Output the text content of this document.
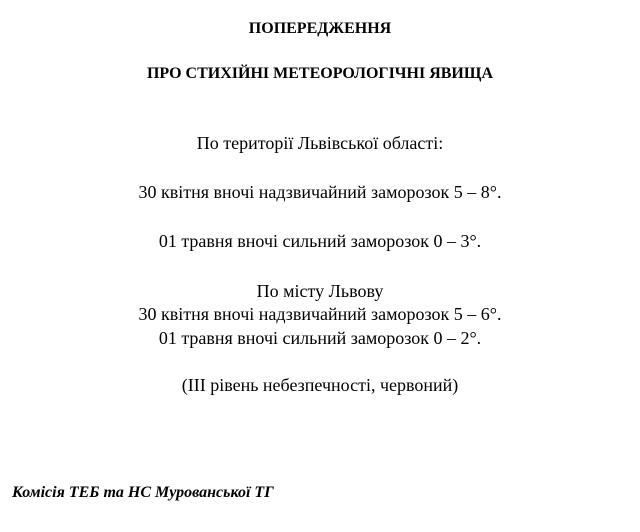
ПОПЕРЕДЖЕННЯ
ПРО СТИХІЙНІ МЕТЕОРОЛОГІЧНІ ЯВИЩА
По території Львівської області:
30 квітня вночі надзвичайний заморозок 5 – 8°.
01 травня вночі сильний заморозок 0 – 3°.
По місту Львову
30 квітня вночі надзвичайний заморозок 5 – 6°.
01 травня вночі сильний заморозок 0 – 2°.
(ІІІ рівень небезпечності, червоний)
Комісія ТЕБ та НС Мурованської ТГ
